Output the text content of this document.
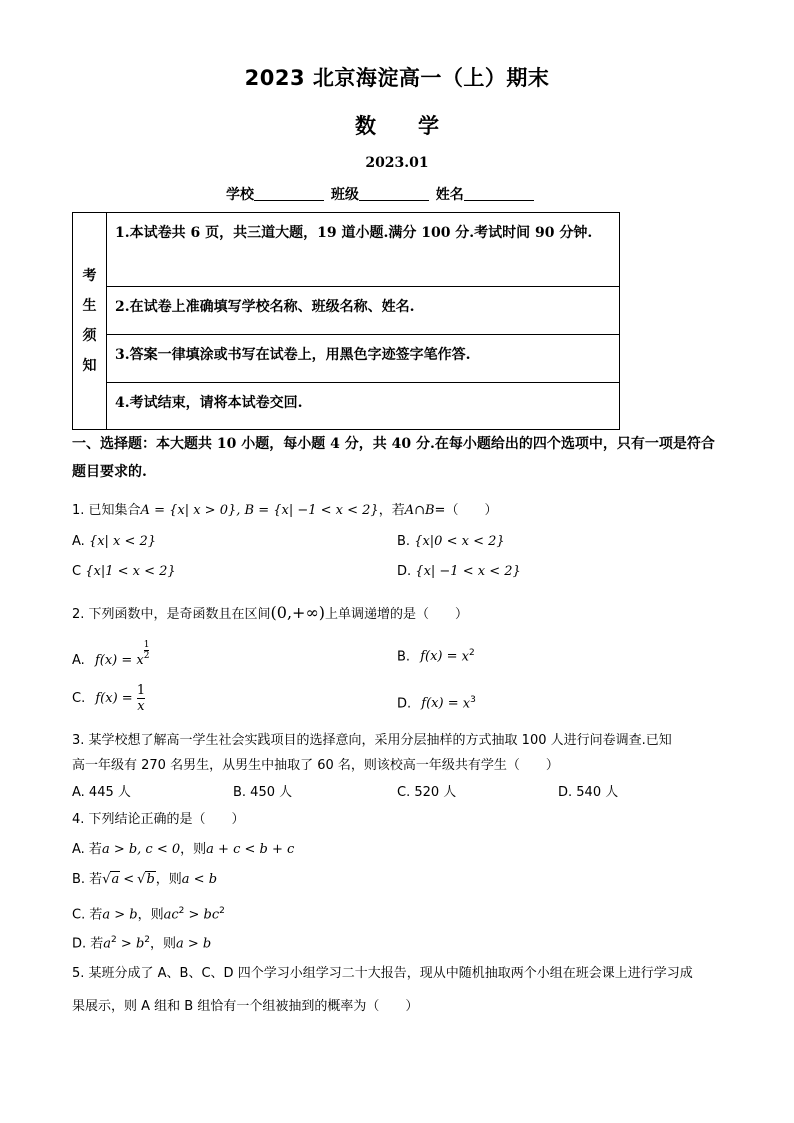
2023 北京海淀高一（上）期末
数 学
2023.01
学校	班级	姓名
考
生
须
知
1.本试卷共 6 页，共三道大题，19 道小题.满分 100 分.考试时间 90 分钟.
2.在试卷上准确填写学校名称、班级名称、姓名.
3.答案一律填涂或书写在试卷上，用黑色字迹签字笔作答.
4.考试结束，请将本试卷交回.
一、选择题：本大题共 10 小题，每小题 4 分，共 40 分.在每小题给出的四个选项中，只有一项是符合题目要求的.
1. 已知集合A = {x| x > 0}, B = {x| −1 < x < 2}，若A∩B=（　　）
A. {x| x < 2}	B. {x|0 < x < 2}
C {x|1 < x < 2}	D. {x| −1 < x < 2}
2. 下列函数中，是奇函数且在区间(0,+∞)上单调递增的是（　　）
A. f(x) = x $\frac{1}{2}$	B. $f(x) = x^2$
C. $f(x) = \frac{1}{x}$	D. $f(x) = x^3$
3. 某学校想了解高一学生社会实践项目的选择意向，采用分层抽样的方式抽取 100 人进行问卷调查.已知
高一年级有 270 名男生，从男生中抽取了 60 名，则该校高一年级共有学生（　　）
A. 445 人	B. 450 人	C. 520 人	D. 540 人
4. 下列结论正确的是（　　）
A. 若a > b, c < 0，则a + c < b + c
B. 若√a < √b，则a < b
C. 若a > b，则$ac^2 > bc^2$
D. 若$a^2 > b^2$，则a > b
5. 某班分成了 A、B、C、D 四个学习小组学习二十大报告，现从中随机抽取两个小组在班会课上进行学习成
果展示，则 A 组和 B 组恰有一个组被抽到的概率为（　　）
